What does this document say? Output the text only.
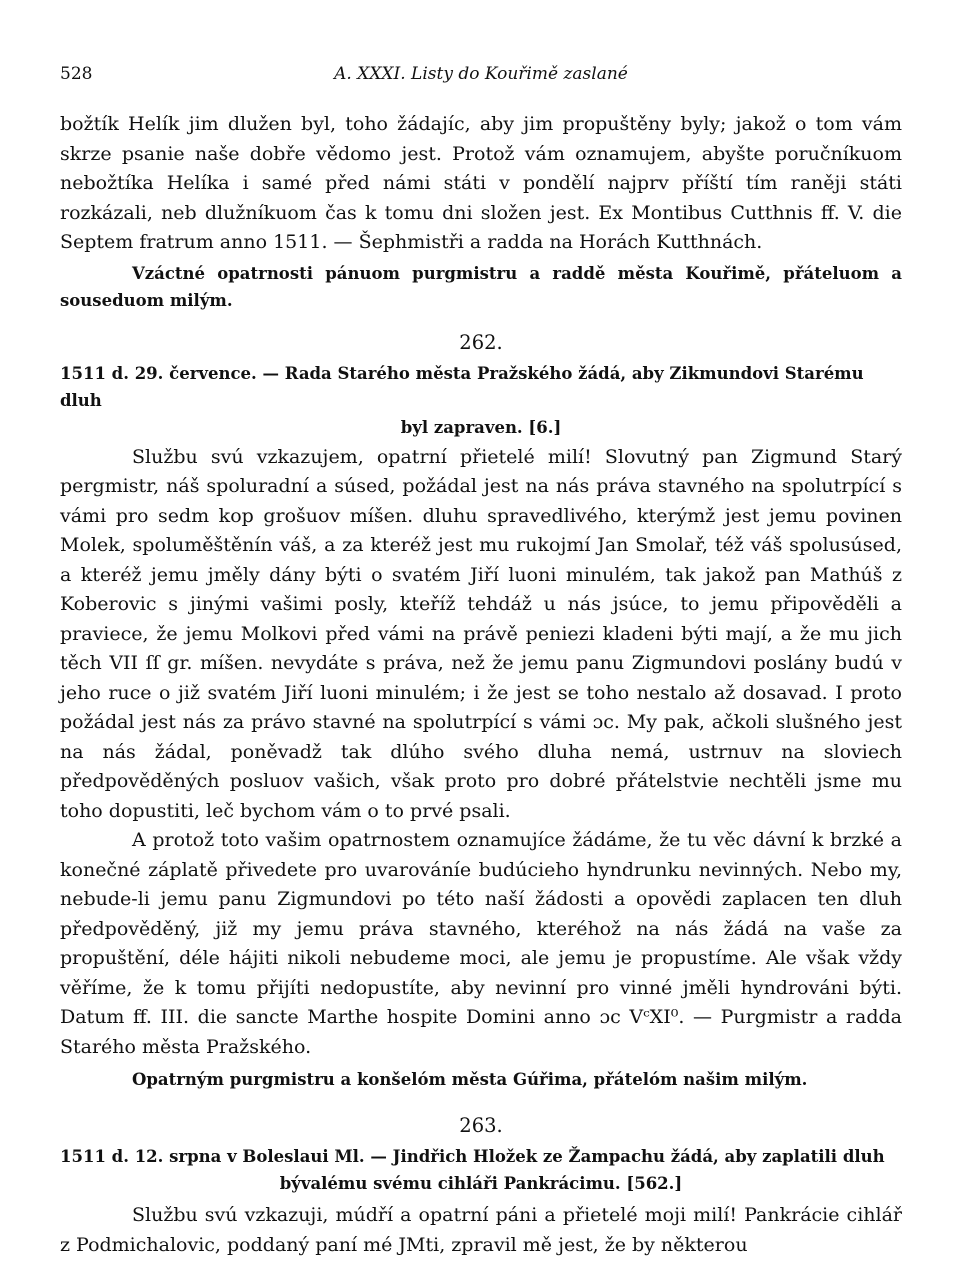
528	A. XXXI. Listy do Kouřimě zaslané

božtík Helík jim dlužen byl, toho žádajíc, aby jim propuštěny byly; jakož o tom vám skrze psanie naše dobře vědomo jest. Protož vám oznamujem, abyšte poručníkuom nebožtíka Helíka i samé před námi státi v pondělí najprv příští tím raněji státi rozkázali, neb dlužníkuom čas k tomu dni složen jest. Ex Montibus Cutthnis ff. V. die Septem fratrum anno 1511. — Šephmistři a radda na Horách Kutthnách.

Vzáctné opatrnosti pánuom purgmistru a raddě města Kouřimě, přáteluom a souseduom milým.

262.
1511 d. 29. července. — Rada Starého města Pražského žádá, aby Zikmundovi Starému dluh
byl zapraven. [6.]

Službu svú vzkazujem, opatrní přietelé milí! Slovutný pan Zigmund Starý pergmistr, náš spoluradní a súsed, požádal jest na nás práva stavného na spolutrpící s vámi pro sedm kop grošuov míšen. dluhu spravedlivého, kterýmž jest jemu povinen Molek, spoluměštěnín váš, a za kteréž jest mu rukojmí Jan Smolař, též váš spolusúsed, a kteréž jemu jměly dány býti o svatém Jiří luoni minulém, tak jakož pan Mathúš z Koberovic s jinými vašimi posly, kteříž tehdáž u nás jsúce, to jemu připověděli a praviece, že jemu Molkovi před vámi na právě peniezi kladeni býti mají, a že mu jich těch VII ſſ gr. míšen. nevydáte s práva, než že jemu panu Zigmundovi poslány budú v jeho ruce o již svatém Jiří luoni minulém; i že jest se toho nestalo až dosavad. I proto požádal jest nás za právo stavné na spolutrpící s vámi ɔc. My pak, ačkoli slušného jest na nás žádal, poněvadž tak dlúho svého dluha nemá, ustrnuv na sloviech předpověděných posluov vašich, však proto pro dobré přátelstvie nechtěli jsme mu toho dopustiti, leč bychom vám o to prvé psali.

A protož toto vašim opatrnostem oznamujíce žádáme, že tu věc dávní k brzké a konečné záplatě přivedete pro uvarováníe budúcieho hyndrunku nevinných. Nebo my, nebude-li jemu panu Zigmundovi po této naší žádosti a opovědi zaplacen ten dluh předpověděný, již my jemu práva stavného, kteréhož na nás žádá na vaše za propuštění, déle hájiti nikoli nebudeme moci, ale jemu je propustíme. Ale však vždy věříme, že k tomu přijíti nedopustíte, aby nevinní pro vinné jměli hyndrováni býti. Datum ff. III. die sancte Marthe hospite Domini anno ɔc VᶜXI⁰. — Purgmistr a radda Starého města Pražského.

Opatrným purgmistru a konšelóm města Gúřima, přátelóm našim milým.

263.
1511 d. 12. srpna v Boleslaui Ml. — Jindřich Hložek ze Žampachu žádá, aby zaplatili dluh
bývalému svému cihláři Pankrácimu. [562.]

Službu svú vzkazuji, múdří a opatrní páni a přietelé moji milí! Pankrácie cihlář z Podmichalovic, poddaný paní mé JMti, zpravil mě jest, že by některou
